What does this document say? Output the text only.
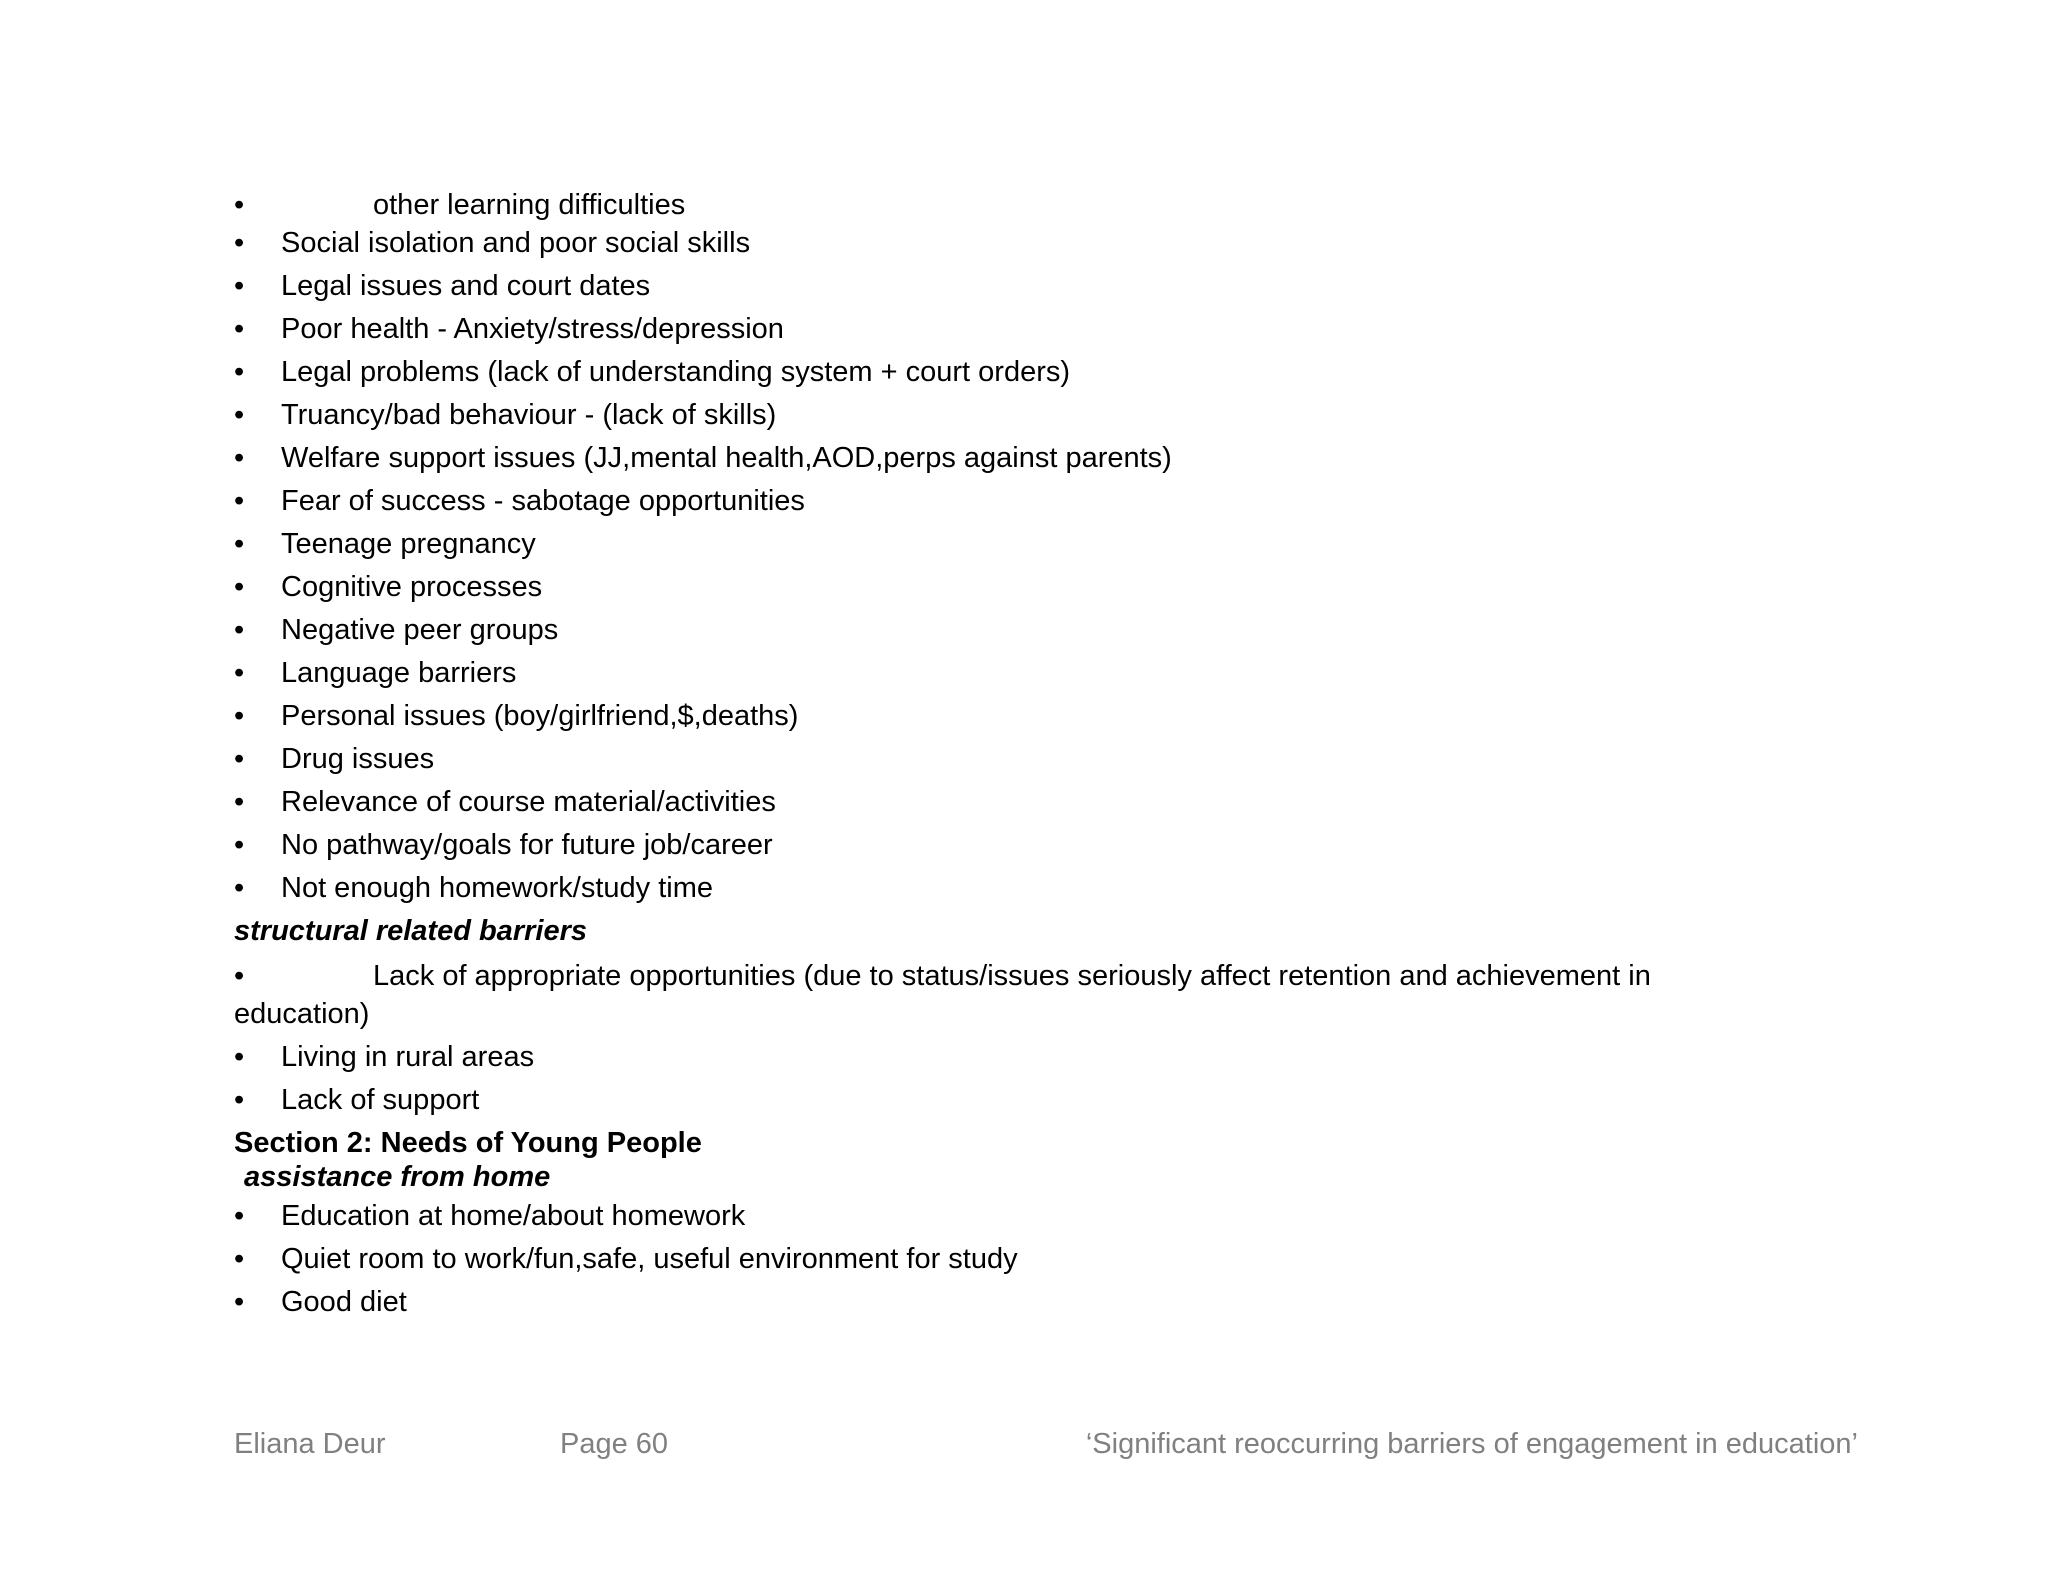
•	other learning difficulties
•	Social isolation and poor social skills
•	Legal issues and court dates
•	Poor health - Anxiety/stress/depression
•	Legal problems (lack of understanding system + court orders)
•	Truancy/bad behaviour - (lack of skills)
•	Welfare support issues (JJ,mental health,AOD,perps against parents)
•	Fear of success - sabotage opportunities
•	Teenage pregnancy
•	Cognitive processes
•	Negative peer groups
•	Language barriers
•	Personal issues (boy/girlfriend,$,deaths)
•	Drug issues
•	Relevance of course material/activities
•	No pathway/goals for future job/career
•	Not enough homework/study time
structural related barriers
•	Lack of appropriate opportunities (due to status/issues seriously affect retention and achievement in education)
•	Living in rural areas
•	Lack of support
Section 2: Needs of Young People
assistance from home
•	Education at home/about homework
•	Quiet room to work/fun,safe, useful environment for study
•	Good diet
Eliana Deur	Page 60	‘Significant reoccurring barriers of engagement in education’
